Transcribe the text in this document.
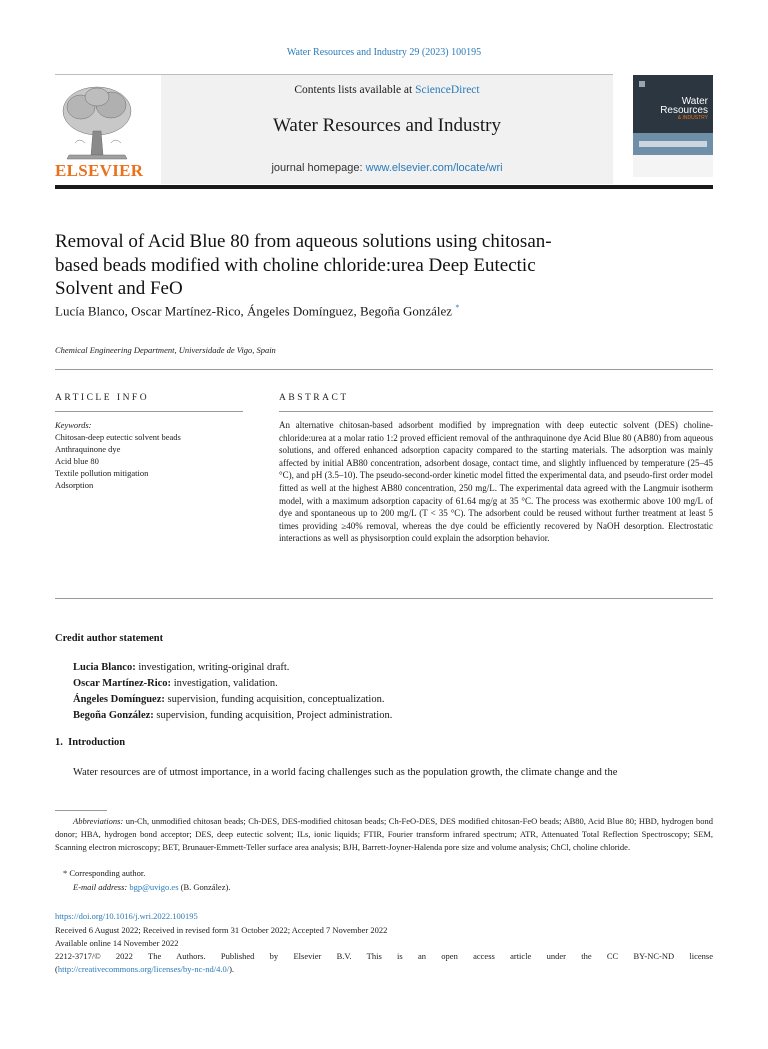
Water Resources and Industry 29 (2023) 100195
Contents lists available at ScienceDirect
Water Resources and Industry
journal homepage: www.elsevier.com/locate/wri
ELSEVIER
Water
Resources
& INDUSTRY
Removal of Acid Blue 80 from aqueous solutions using chitosan-based beads modified with choline chloride:urea Deep Eutectic Solvent and FeO
Lucía Blanco, Oscar Martínez-Rico, Ángeles Domínguez, Begoña González *
Chemical Engineering Department, Universidade de Vigo, Spain
ARTICLE INFO
Keywords:
Chitosan-deep eutectic solvent beads
Anthraquinone dye
Acid blue 80
Textile pollution mitigation
Adsorption
ABSTRACT
An alternative chitosan-based adsorbent modified by impregnation with deep eutectic solvent (DES) choline-chloride:urea at a molar ratio 1:2 proved efficient removal of the anthraquinone dye Acid Blue 80 (AB80) from aqueous solutions, and offered enhanced adsorption capacity compared to the starting materials. The adsorption was mainly affected by initial AB80 concentration, adsorbent dosage, contact time, and slightly influenced by temperature (25–45 °C), and pH (3.5–10). The pseudo-second-order kinetic model fitted the experimental data, and pseudo-first order model fitted as well at the highest AB80 concentration, 250 mg/L. The experimental data agreed with the Langmuir isotherm model, with a maximum adsorption capacity of 61.64 mg/g at 35 °C. The process was exothermic above 100 mg/L of dye and spontaneous up to 200 mg/L (T < 35 °C). The adsorbent could be reused without further treatment at least 5 times providing ≥40% removal, whereas the dye could be efficiently recovered by NaOH desorption. Electrostatic interactions as well as physisorption could explain the adsorption behavior.
Credit author statement
Lucia Blanco: investigation, writing-original draft.
Oscar Martínez-Rico: investigation, validation.
Ángeles Domínguez: supervision, funding acquisition, conceptualization.
Begoña González: supervision, funding acquisition, Project administration.
1.  Introduction
Water resources are of utmost importance, in a world facing challenges such as the population growth, the climate change and the
Abbreviations: un-Ch, unmodified chitosan beads; Ch-DES, DES-modified chitosan beads; Ch-FeO-DES, DES modified chitosan-FeO beads; AB80, Acid Blue 80; HBD, hydrogen bond donor; HBA, hydrogen bond acceptor; DES, deep eutectic solvent; ILs, ionic liquids; FTIR, Fourier transform infrared spectrum; ATR, Attenuated Total Reflection Spectroscopy; SEM, Scanning electron microscopy; BET, Brunauer-Emmett-Teller surface area analysis; BJH, Barrett-Joyner-Halenda pore size and volume analysis; ChCl, choline chloride.
* Corresponding author.
E-mail address: bgp@uvigo.es (B. González).
https://doi.org/10.1016/j.wri.2022.100195
Received 6 August 2022; Received in revised form 31 October 2022; Accepted 7 November 2022
Available online 14 November 2022
2212-3717/© 2022 The Authors. Published by Elsevier B.V. This is an open access article under the CC BY-NC-ND license
(http://creativecommons.org/licenses/by-nc-nd/4.0/).
